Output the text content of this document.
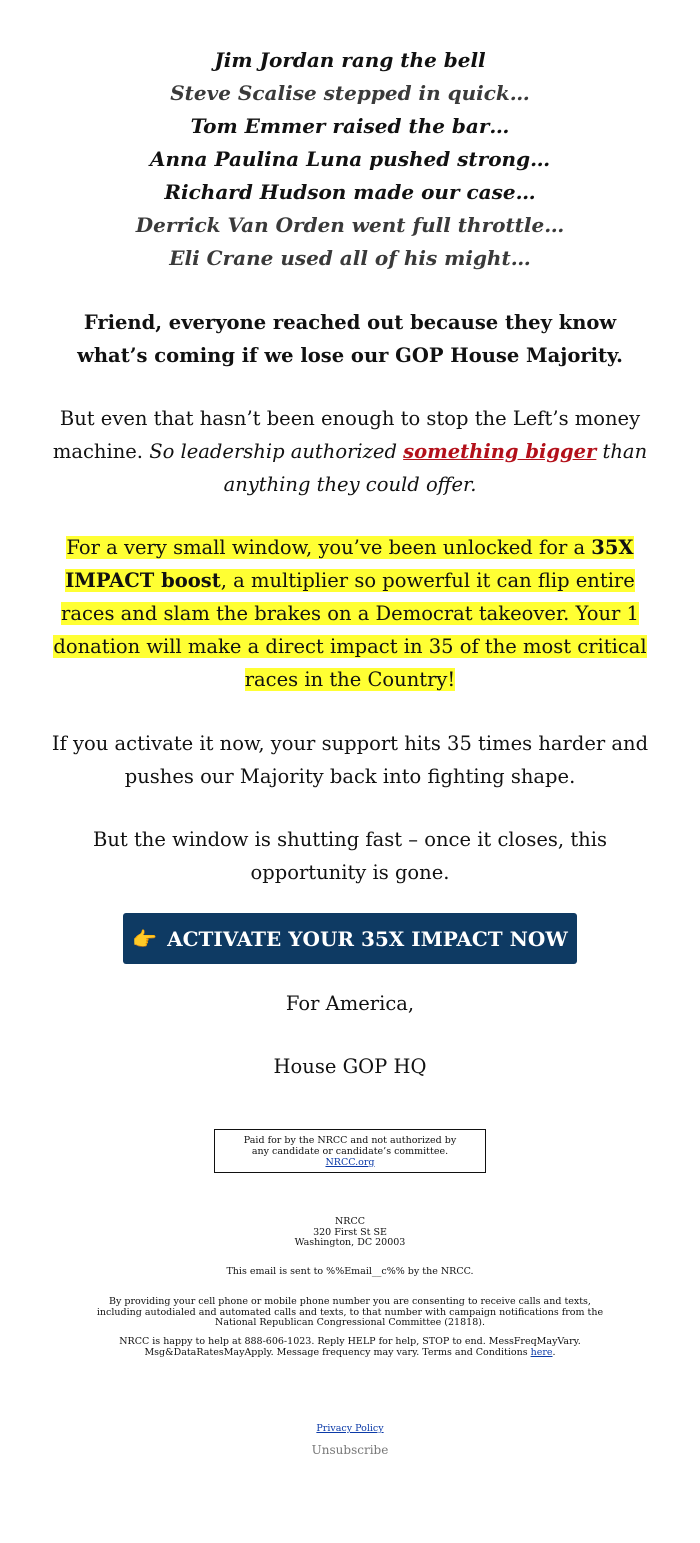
Jim Jordan rang the bell
Steve Scalise stepped in quick…
Tom Emmer raised the bar…
Anna Paulina Luna pushed strong…
Richard Hudson made our case…
Derrick Van Orden went full throttle…
Eli Crane used all of his might…
Friend, everyone reached out because they know what’s coming if we lose our GOP House Majority.
But even that hasn’t been enough to stop the Left’s money machine. So leadership authorized something bigger than anything they could offer.
For a very small window, you’ve been unlocked for a 35X IMPACT boost, a multiplier so powerful it can flip entire races and slam the brakes on a Democrat takeover. Your 1 donation will make a direct impact in 35 of the most critical races in the Country!
If you activate it now, your support hits 35 times harder and pushes our Majority back into fighting shape.
But the window is shutting fast – once it closes, this opportunity is gone.
👉 ACTIVATE YOUR 35X IMPACT NOW
For America,
House GOP HQ
Paid for by the NRCC and not authorized by any candidate or candidate’s committee. NRCC.org
NRCC
320 First St SE
Washington, DC 20003
This email is sent to %%Email__c%% by the NRCC.
By providing your cell phone or mobile phone number you are consenting to receive calls and texts, including autodialed and automated calls and texts, to that number with campaign notifications from the National Republican Congressional Committee (21818).
NRCC is happy to help at 888-606-1023. Reply HELP for help, STOP to end. MessFreqMayVary. Msg&DataRatesMayApply. Message frequency may vary. Terms and Conditions here.
Privacy Policy
Unsubscribe
